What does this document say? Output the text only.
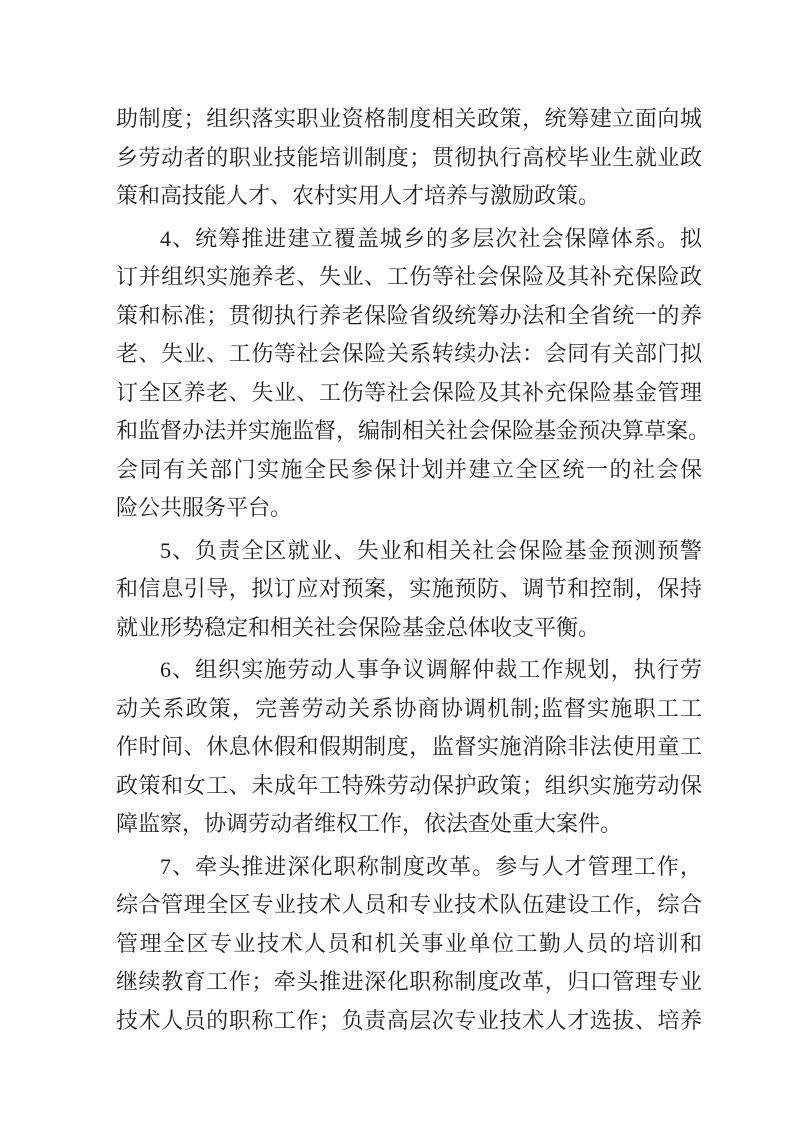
助制度；组织落实职业资格制度相关政策，统筹建立面向城
乡劳动者的职业技能培训制度；贯彻执行高校毕业生就业政
策和高技能人才、农村实用人才培养与激励政策。
4、统筹推进建立覆盖城乡的多层次社会保障体系。拟
订并组织实施养老、失业、工伤等社会保险及其补充保险政
策和标准；贯彻执行养老保险省级统筹办法和全省统一的养
老、失业、工伤等社会保险关系转续办法：会同有关部门拟
订全区养老、失业、工伤等社会保险及其补充保险基金管理
和监督办法并实施监督，编制相关社会保险基金预决算草案。
会同有关部门实施全民参保计划并建立全区统一的社会保
险公共服务平台。
5、负责全区就业、失业和相关社会保险基金预测预警
和信息引导，拟订应对预案，实施预防、调节和控制，保持
就业形势稳定和相关社会保险基金总体收支平衡。
6、组织实施劳动人事争议调解仲裁工作规划，执行劳
动关系政策，完善劳动关系协商协调机制;监督实施职工工
作时间、休息休假和假期制度，监督实施消除非法使用童工
政策和女工、未成年工特殊劳动保护政策；组织实施劳动保
障监察，协调劳动者维权工作，依法查处重大案件。
7、牵头推进深化职称制度改革。参与人才管理工作，
综合管理全区专业技术人员和专业技术队伍建设工作，综合
管理全区专业技术人员和机关事业单位工勤人员的培训和
继续教育工作；牵头推进深化职称制度改革，归口管理专业
技术人员的职称工作；负责高层次专业技术人才选拔、培养
